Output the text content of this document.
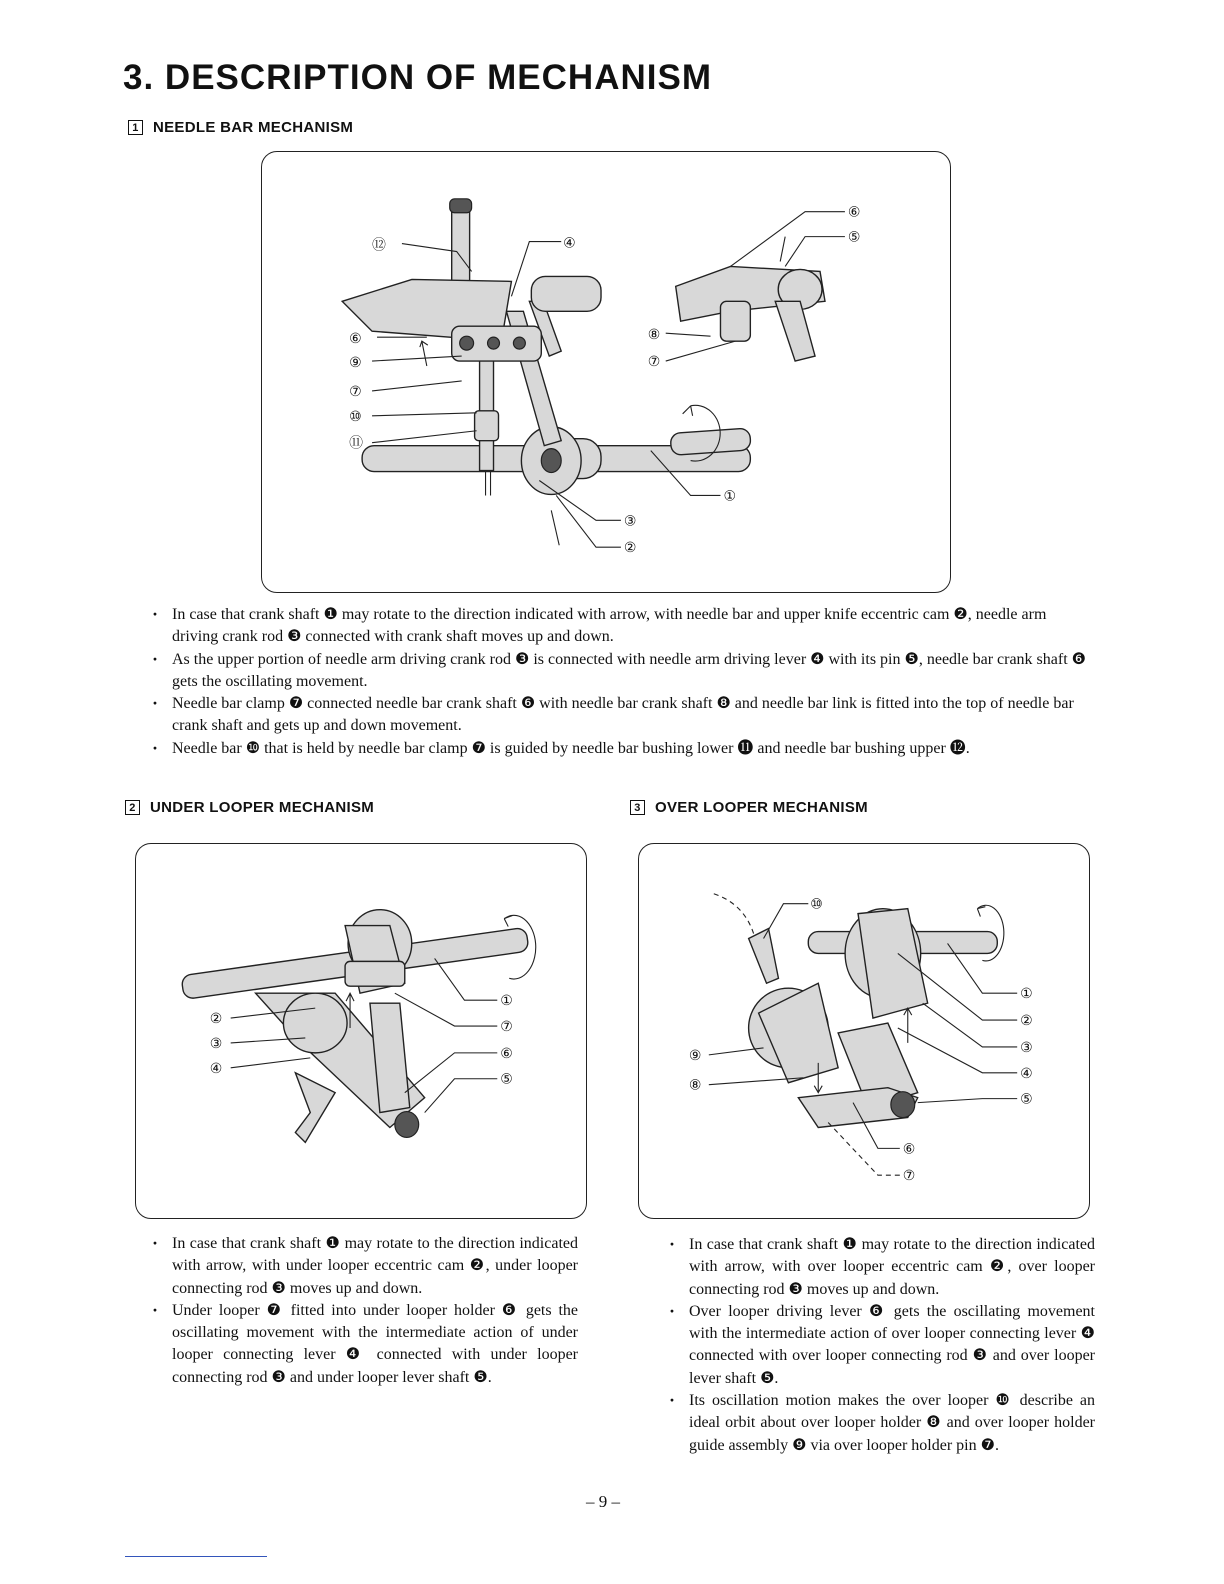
3. DESCRIPTION OF MECHANISM
1 NEEDLE BAR MECHANISM
⑫	④
⑥
⑨
⑦
⑩
⑪
⑥
⑤
⑧
⑦
①
③
②
· In case that crank shaft ❶ may rotate to the direction indicated with arrow, with needle bar and upper knife eccentric cam ❷, needle arm driving crank rod ❸ connected with crank shaft moves up and down.
· As the upper portion of needle arm driving crank rod ❸ is connected with needle arm driving lever ❹ with its pin ❺, needle bar crank shaft ❻ gets the oscillating movement.
· Needle bar clamp ❼ connected needle bar crank shaft ❻ with needle bar crank shaft ❽ and needle bar link is fitted into the top of needle bar crank shaft and gets up and down movement.
· Needle bar ❿ that is held by needle bar clamp ❼ is guided by needle bar bushing lower ⓫ and needle bar bushing upper ⓬.
2 UNDER LOOPER MECHANISM
①
②
⑦
③
⑥
④
⑤
· In case that crank shaft ❶ may rotate to the direction indicated with arrow, with under looper eccentric cam ❷, under looper connecting rod ❸ moves up and down.
· Under looper ❼ fitted into under looper holder ❻ gets the oscillating movement with the intermediate action of under looper connecting lever ❹ connected with under looper connecting rod ❸ and under looper lever shaft ❺.
3 OVER LOOPER MECHANISM
⑩
①
②
③
⑨
④
⑧
⑤
⑥
⑦
· In case that crank shaft ❶ may rotate to the direction indicated with arrow, with over looper eccentric cam ❷, over looper connecting rod ❸ moves up and down.
· Over looper driving lever ❻ gets the oscillating movement with the intermediate action of over looper connecting lever ❹ connected with over looper connecting rod ❸ and over looper lever shaft ❺.
· Its oscillation motion makes the over looper ❿ describe an ideal orbit about over looper holder ❽ and over looper holder guide assembly ❾ via over looper holder pin ❼.
– 9 –
